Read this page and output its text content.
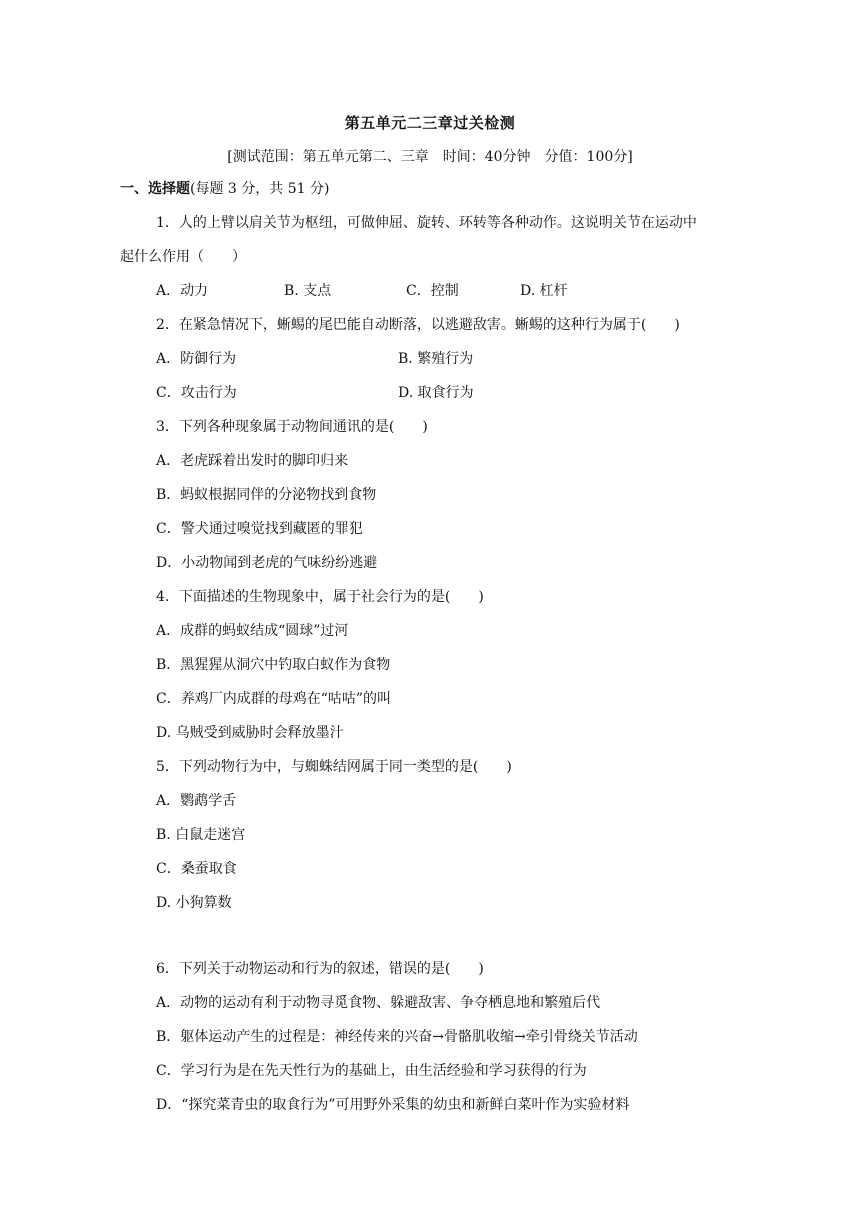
第五单元二三章过关检测
[测试范围：第五单元第二、三章　时间：40分钟　分值：100分]
一、选择题(每题 3 分，共 51 分)
1．人的上臂以肩关节为枢纽，可做伸屈、旋转、环转等各种动作。这说明关节在运动中
起什么作用（　　）
A．动力	B. 支点	C．控制	D. 杠杆
2．在紧急情况下，蜥蜴的尾巴能自动断落，以逃避敌害。蜥蜴的这种行为属于(　　)
A．防御行为	B. 繁殖行为
C．攻击行为	D. 取食行为
3．下列各种现象属于动物间通讯的是(　　)
A．老虎踩着出发时的脚印归来
B．蚂蚁根据同伴的分泌物找到食物
C．警犬通过嗅觉找到藏匿的罪犯
D．小动物闻到老虎的气味纷纷逃避
4．下面描述的生物现象中，属于社会行为的是(　　)
A．成群的蚂蚁结成“圆球”过河
B．黑猩猩从洞穴中钓取白蚁作为食物
C．养鸡厂内成群的母鸡在“咕咕”的叫
D. 乌贼受到威胁时会释放墨汁
5．下列动物行为中，与蜘蛛结网属于同一类型的是(　　)
A．鹦鹉学舌
B. 白鼠走迷宫
C．桑蚕取食
D. 小狗算数
6．下列关于动物运动和行为的叙述，错误的是(　　)
A．动物的运动有利于动物寻觅食物、躲避敌害、争夺栖息地和繁殖后代
B．躯体运动产生的过程是：神经传来的兴奋→骨骼肌收缩→牵引骨绕关节活动
C．学习行为是在先天性行为的基础上，由生活经验和学习获得的行为
D．“探究菜青虫的取食行为”可用野外采集的幼虫和新鲜白菜叶作为实验材料
